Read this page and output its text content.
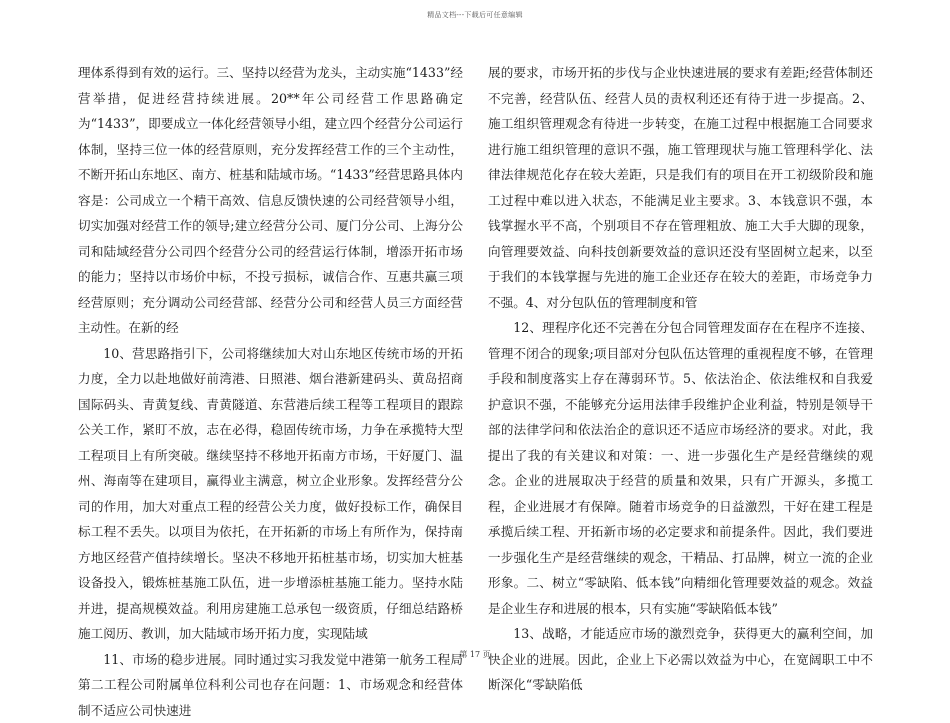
精品文档---下载后可任意编辑

理体系得到有效的运行。三、坚持以经营为龙头，主动实施“1433”经营举措，促进经营持续进展。20**年公司经营工作思路确定为“1433”，即要成立一体化经营领导小组，建立四个经营分公司运行体制，坚持三位一体的经营原则，充分发挥经营工作的三个主动性，不断开拓山东地区、南方、桩基和陆域市场。“1433”经营思路具体内容是：公司成立一个精干高效、信息反馈快速的公司经营领导小组，切实加强对经营工作的领导;建立经营分公司、厦门分公司、上海分公司和陆域经营分公司四个经营分公司的经营运行体制，增添开拓市场的能力；坚持以市场价中标，不投亏损标，诚信合作、互惠共赢三项经营原则；充分调动公司经营部、经营分公司和经营人员三方面经营主动性。在新的经

10、营思路指引下，公司将继续加大对山东地区传统市场的开拓力度，全力以赴地做好前湾港、日照港、烟台港新建码头、黄岛招商国际码头、青黄复线、青黄隧道、东营港后续工程等工程项目的跟踪公关工作，紧盯不放，志在必得，稳固传统市场，力争在承揽特大型工程项目上有所突破。继续坚持不移地开拓南方市场，干好厦门、温州、海南等在建项目，赢得业主满意，树立企业形象。发挥经营分公司的作用，加大对重点工程的经营公关力度，做好投标工作，确保目标工程不丢失。以项目为依托，在开拓新的市场上有所作为，保持南方地区经营产值持续增长。坚决不移地开拓桩基市场，切实加大桩基设备投入，锻炼桩基施工队伍，进一步增添桩基施工能力。坚持水陆并进，提高规模效益。利用房建施工总承包一级资质，仔细总结路桥施工阅历、教训，加大陆域市场开拓力度，实现陆域

11、市场的稳步进展。同时通过实习我发觉中港第一航务工程局第二工程公司附属单位科利公司也存在问题：1、市场观念和经营体制不适应公司快速进

展的要求，市场开拓的步伐与企业快速进展的要求有差距;经营体制还不完善，经营队伍、经营人员的责权利还还有待于进一步提高。2、施工组织管理观念有待进一步转变，在施工过程中根据施工合同要求进行施工组织管理的意识不强，施工管理现状与施工管理科学化、法律法律规范化存在较大差距，只是我们有的项目在开工初级阶段和施工过程中难以进入状态，不能满足业主要求。3、本钱意识不强，本钱掌握水平不高，个别项目不存在管理粗放、施工大手大脚的现象，向管理要效益、向科技创新要效益的意识还没有坚固树立起来，以至于我们的本钱掌握与先进的施工企业还存在较大的差距，市场竞争力不强。4、对分包队伍的管理制度和管

12、理程序化还不完善在分包合同管理发面存在在程序不连接、管理不闭合的现象;项目部对分包队伍达管理的重视程度不够，在管理手段和制度落实上存在薄弱环节。5、依法治企、依法维权和自我爱护意识不强，不能够充分运用法律手段维护企业利益，特别是领导干部的法律学问和依法治企的意识还不适应市场经济的要求。对此，我提出了我的有关建议和对策：一、进一步强化生产是经营继续的观念。企业的进展取决于经营的质量和效果，只有广开源头，多揽工程，企业进展才有保障。随着市场竞争的日益激烈，干好在建工程是承揽后续工程、开拓新市场的必定要求和前提条件。因此，我们要进一步强化生产是经营继续的观念，干精品、打品牌，树立一流的企业形象。二、树立“零缺陷、低本钱”向精细化管理要效益的观念。效益是企业生存和进展的根本，只有实施“零缺陷低本钱”

13、战略，才能适应市场的激烈竞争，获得更大的赢利空间，加快企业的进展。因此，企业上下必需以效益为中心，在宽阔职工中不断深化“零缺陷低

第 17 页
